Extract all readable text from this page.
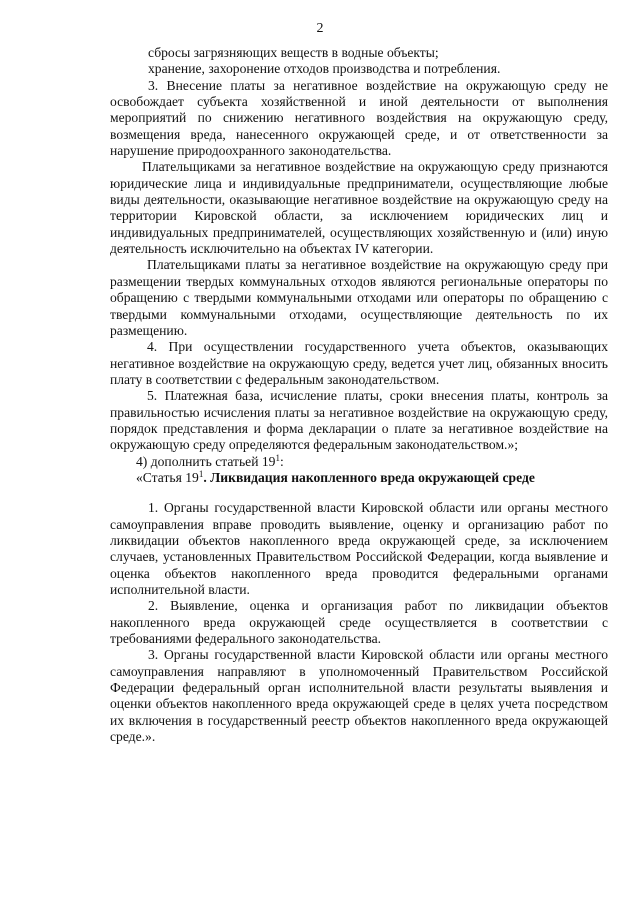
2

сбросы загрязняющих веществ в водные объекты;

хранение, захоронение отходов производства и потребления.

3. Внесение платы за негативное воздействие на окружающую среду не освобождает субъекта хозяйственной и иной деятельности от выполнения мероприятий по снижению негативного воздействия на окружающую среду, возмещения вреда, нанесенного окружающей среде, и от ответственности за нарушение природоохранного законодательства.

Плательщиками за негативное воздействие на окружающую среду признаются юридические лица и индивидуальные предприниматели, осуществляющие любые виды деятельности, оказывающие негативное воздействие на окружающую среду на территории Кировской области, за исключением юридических лиц и индивидуальных предпринимателей, осуществляющих хозяйственную и (или) иную деятельность исключительно на объектах IV категории.

Плательщиками платы за негативное воздействие на окружающую среду при размещении твердых коммунальных отходов являются региональные операторы по обращению с твердыми коммунальными отходами или операторы по обращению с твердыми коммунальными отходами, осуществляющие деятельность по их размещению.

4. При осуществлении государственного учета объектов, оказывающих негативное воздействие на окружающую среду, ведется учет лиц, обязанных вносить плату в соответствии с федеральным законодательством.

5. Платежная база, исчисление платы, сроки внесения платы, контроль за правильностью исчисления платы за негативное воздействие на окружающую среду, порядок представления и форма декларации о плате за негативное воздействие на окружающую среду определяются федеральным законодательством.»;

4) дополнить статьей $19^1$:

«Статья $19^1$. Ликвидация накопленного вреда окружающей среде

1. Органы государственной власти Кировской области или органы местного самоуправления вправе проводить выявление, оценку и организацию работ по ликвидации объектов накопленного вреда окружающей среде, за исключением случаев, установленных Правительством Российской Федерации, когда выявление и оценка объектов накопленного вреда проводится федеральными органами исполнительной власти.

2. Выявление, оценка и организация работ по ликвидации объектов накопленного вреда окружающей среде осуществляется в соответствии с требованиями федерального законодательства.

3. Органы государственной власти Кировской области или органы местного самоуправления направляют в уполномоченный Правительством Российской Федерации федеральный орган исполнительной власти результаты выявления и оценки объектов накопленного вреда окружающей среде в целях учета посредством их включения в государственный реестр объектов накопленного вреда окружающей среде.».
